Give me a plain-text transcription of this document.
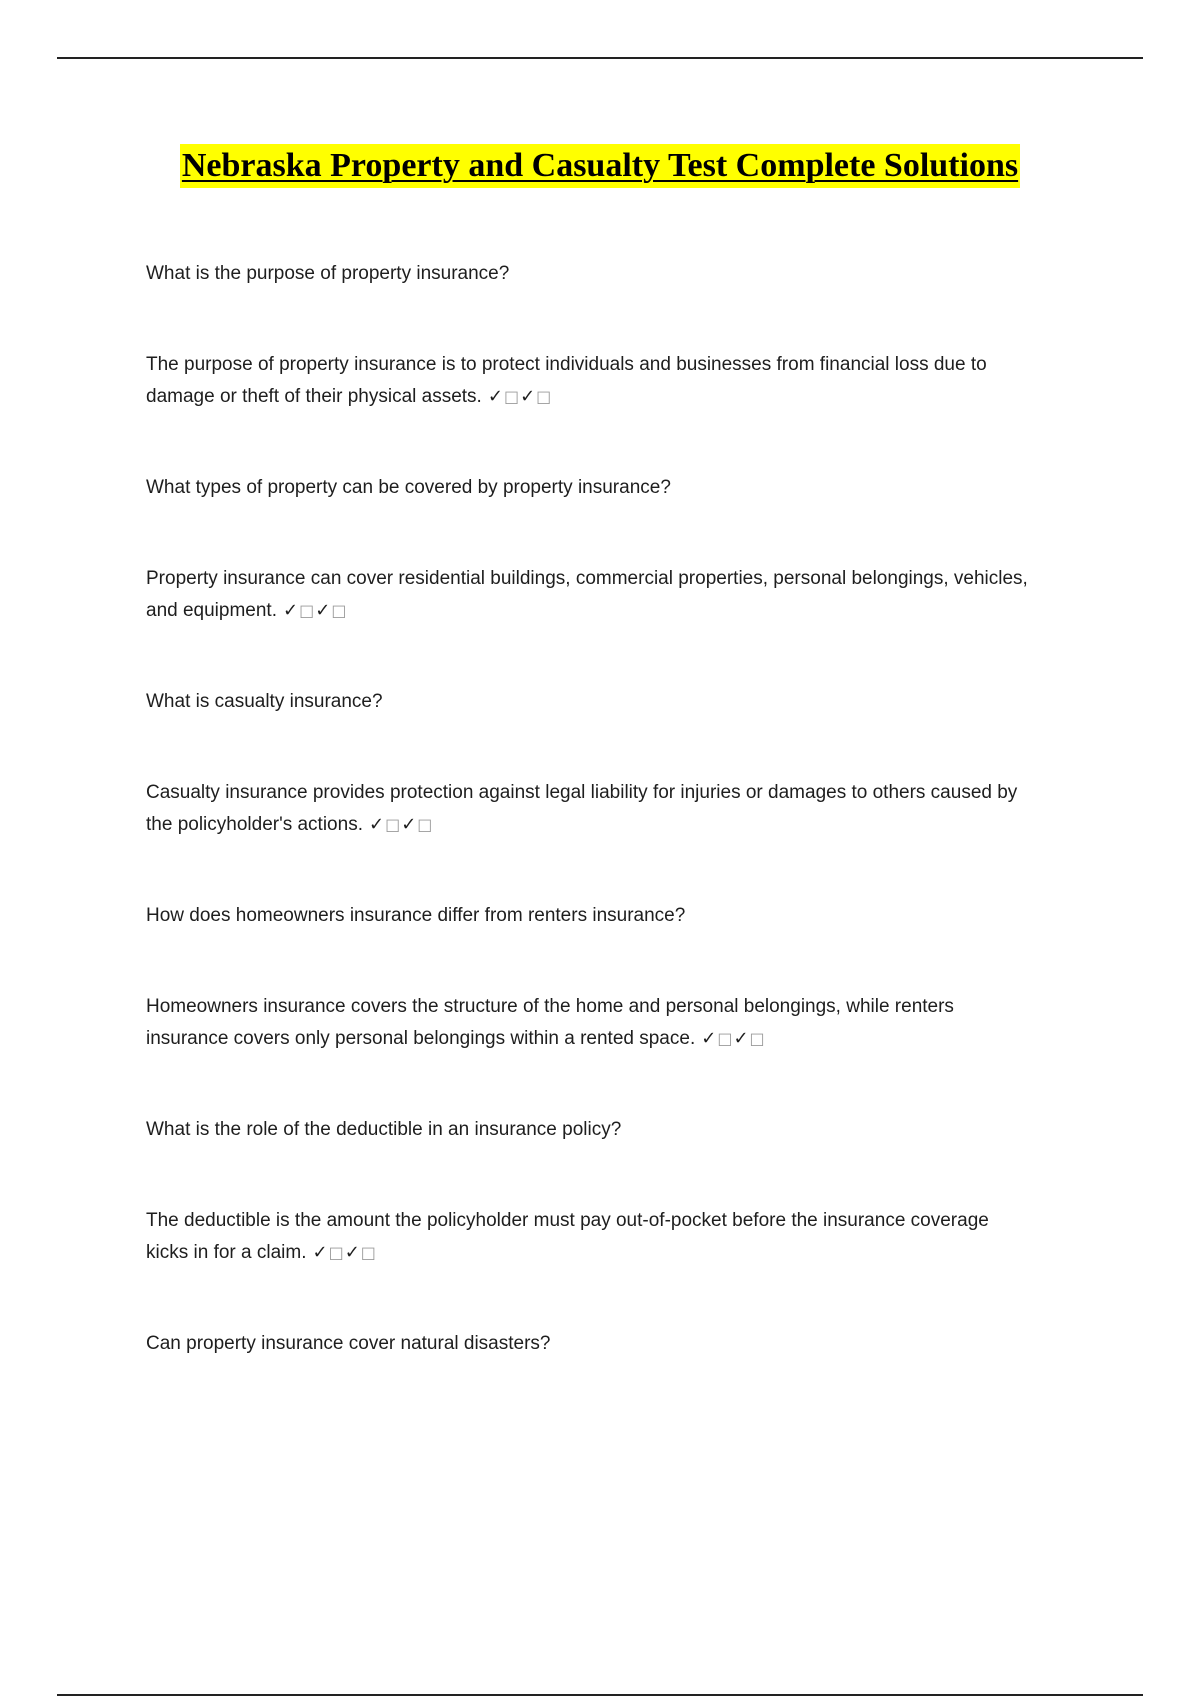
Nebraska Property and Casualty Test Complete Solutions
What is the purpose of property insurance?
The purpose of property insurance is to protect individuals and businesses from financial loss due to
damage or theft of their physical assets. ✓□✓□
What types of property can be covered by property insurance?
Property insurance can cover residential buildings, commercial properties, personal belongings, vehicles,
and equipment. ✓□✓□
What is casualty insurance?
Casualty insurance provides protection against legal liability for injuries or damages to others caused by
the policyholder's actions. ✓□✓□
How does homeowners insurance differ from renters insurance?
Homeowners insurance covers the structure of the home and personal belongings, while renters
insurance covers only personal belongings within a rented space. ✓□✓□
What is the role of the deductible in an insurance policy?
The deductible is the amount the policyholder must pay out-of-pocket before the insurance coverage
kicks in for a claim. ✓□✓□
Can property insurance cover natural disasters?
